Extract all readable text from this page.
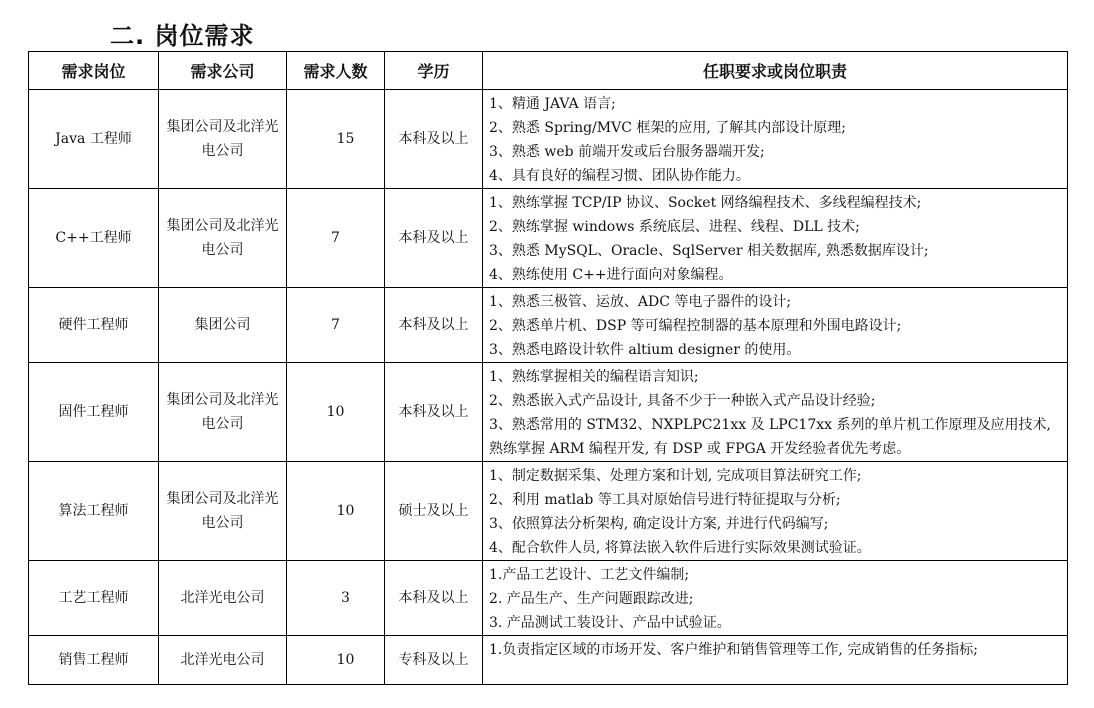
二. 岗位需求
需求岗位	需求公司	需求人数	学历	任职要求或岗位职责
Java 工程师	集团公司及北洋光电公司	15	本科及以上	1、精通 JAVA 语言;
2、熟悉 Spring/MVC 框架的应用, 了解其内部设计原理;
3、熟悉 web 前端开发或后台服务器端开发;
4、具有良好的编程习惯、团队协作能力。

C++工程师	集团公司及北洋光电公司	7	本科及以上	1、熟练掌握 TCP/IP 协议、Socket 网络编程技术、多线程编程技术;
2、熟练掌握 windows 系统底层、进程、线程、DLL 技术;
3、熟悉 MySQL、Oracle、SqlServer 相关数据库, 熟悉数据库设计;
4、熟练使用 C++进行面向对象编程。

硬件工程师	集团公司	7	本科及以上	1、熟悉三极管、运放、ADC 等电子器件的设计;
2、熟悉单片机、DSP 等可编程控制器的基本原理和外围电路设计;
3、熟悉电路设计软件 altium designer 的使用。

固件工程师	集团公司及北洋光电公司	10	本科及以上	1、熟练掌握相关的编程语言知识;
2、熟悉嵌入式产品设计, 具备不少于一种嵌入式产品设计经验;
3、熟悉常用的 STM32、NXPLPC21xx 及 LPC17xx 系列的单片机工作原理及应用技术, 熟练掌握 ARM 编程开发, 有 DSP 或 FPGA 开发经验者优先考虑。

算法工程师	集团公司及北洋光电公司	10	硕士及以上	1、制定数据采集、处理方案和计划, 完成项目算法研究工作;
2、利用 matlab 等工具对原始信号进行特征提取与分析;
3、依照算法分析架构, 确定设计方案, 并进行代码编写;
4、配合软件人员, 将算法嵌入软件后进行实际效果测试验证。

工艺工程师	北洋光电公司	3	本科及以上	1.产品工艺设计、工艺文件编制;
2. 产品生产、生产问题跟踪改进;
3. 产品测试工装设计、产品中试验证。

销售工程师	北洋光电公司	10	专科及以上	1.负责指定区域的市场开发、客户维护和销售管理等工作, 完成销售的任务指标;
